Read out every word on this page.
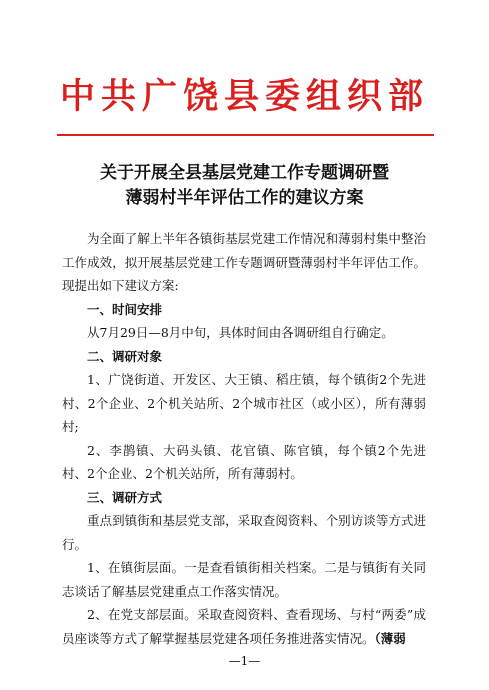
中共广饶县委组织部
关于开展全县基层党建工作专题调研暨
薄弱村半年评估工作的建议方案

为全面了解上半年各镇街基层党建工作情况和薄弱村集中整治工作成效，拟开展基层党建工作专题调研暨薄弱村半年评估工作。现提出如下建议方案:

一、时间安排

从7月29日—8月中旬，具体时间由各调研组自行确定。

二、调研对象

1、广饶街道、开发区、大王镇、稻庄镇，每个镇街2个先进村、2个企业、2个机关站所、2个城市社区（或小区），所有薄弱村;

2、李鹊镇、大码头镇、花官镇、陈官镇，每个镇2个先进村、2个企业、2个机关站所，所有薄弱村。

三、调研方式

重点到镇街和基层党支部，采取查阅资料、个别访谈等方式进行。

1、在镇街层面。一是查看镇街相关档案。二是与镇街有关同志谈话了解基层党建重点工作落实情况。

2、在党支部层面。采取查阅资料、查看现场、与村“两委”成员座谈等方式了解掌握基层党建各项任务推进落实情况。（薄弱

—1—
